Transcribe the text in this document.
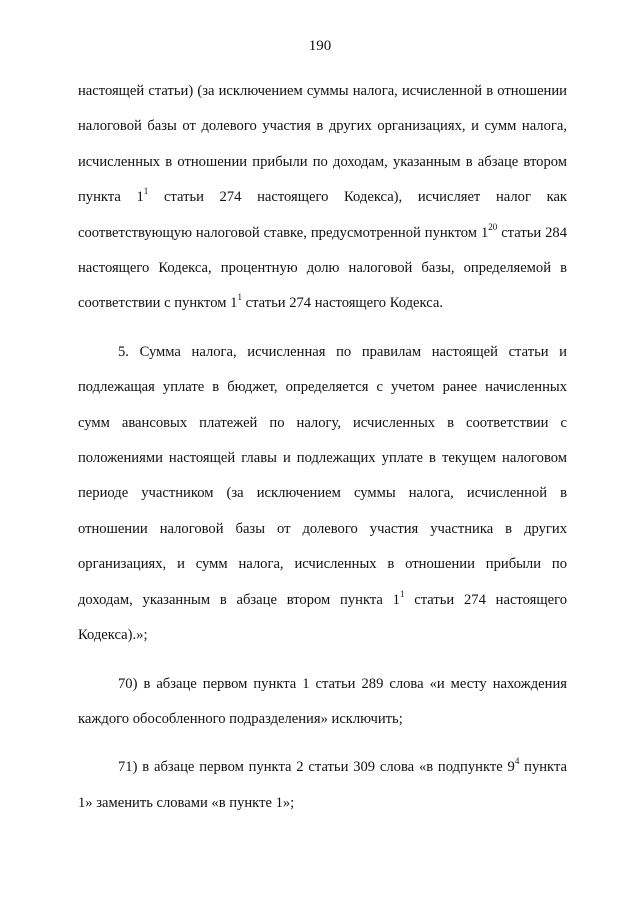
190

настоящей статьи) (за исключением суммы налога, исчисленной в отношении налоговой базы от долевого участия в других организациях, и сумм налога, исчисленных в отношении прибыли по доходам, указанным в абзаце втором пункта $1^1$ статьи 274 настоящего Кодекса), исчисляет налог как соответствующую налоговой ставке, предусмотренной пунктом $1^{20}$ статьи 284 настоящего Кодекса, процентную долю налоговой базы, определяемой в соответствии с пунктом $1^1$ статьи 274 настоящего Кодекса.

5. Сумма налога, исчисленная по правилам настоящей статьи и подлежащая уплате в бюджет, определяется с учетом ранее начисленных сумм авансовых платежей по налогу, исчисленных в соответствии с положениями настоящей главы и подлежащих уплате в текущем налоговом периоде участником (за исключением суммы налога, исчисленной в отношении налоговой базы от долевого участия участника в других организациях, и сумм налога, исчисленных в отношении прибыли по доходам, указанным в абзаце втором пункта $1^1$ статьи 274 настоящего Кодекса).»;

70) в абзаце первом пункта 1 статьи 289 слова «и месту нахождения каждого обособленного подразделения» исключить;

71) в абзаце первом пункта 2 статьи 309 слова «в подпункте $9^4$ пункта 1» заменить словами «в пункте 1»;
